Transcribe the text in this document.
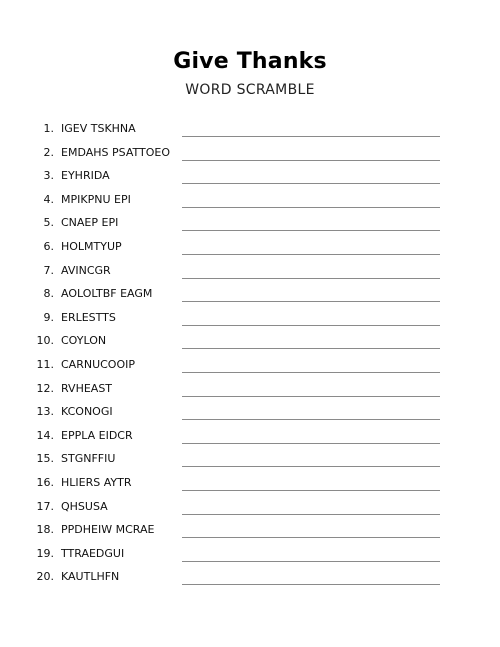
Give Thanks
WORD SCRAMBLE
1. IGEV TSKHNA
2. EMDAHS PSATTOEO
3. EYHRIDA
4. MPIKPNU EPI
5. CNAEP EPI
6. HOLMTYUP
7. AVINCGR
8. AOLOLTBF EAGM
9. ERLESTTS
10. COYLON
11. CARNUCOOIP
12. RVHEAST
13. KCONOGI
14. EPPLA EIDCR
15. STGNFFIU
16. HLIERS AYTR
17. QHSUSA
18. PPDHEIW MCRAE
19. TTRAEDGUI
20. KAUTLHFN
